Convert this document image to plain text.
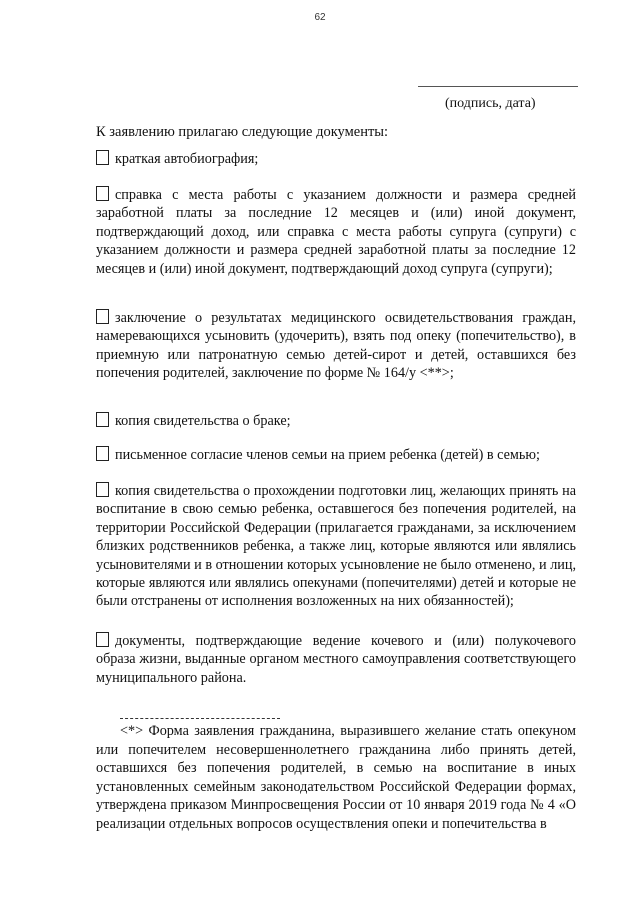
62
(подпись, дата)
К заявлению прилагаю следующие документы:
краткая автобиография;
справка с места работы с указанием должности и размера средней заработной платы за последние 12 месяцев и (или) иной документ, подтверждающий доход, или справка с места работы супруга (супруги) с указанием должности и размера средней заработной платы за последние 12 месяцев и (или) иной документ, подтверждающий доход супруга (супруги);
заключение о результатах медицинского освидетельствования граждан, намеревающихся усыновить (удочерить), взять под опеку (попечительство), в приемную или патронатную семью детей-сирот и детей, оставшихся без попечения родителей, заключение по форме № 164/у <**>;
копия свидетельства о браке;
письменное согласие членов семьи на прием ребенка (детей) в семью;
копия свидетельства о прохождении подготовки лиц, желающих принять на воспитание в свою семью ребенка, оставшегося без попечения родителей, на территории Российской Федерации (прилагается гражданами, за исключением близких родственников ребенка, а также лиц, которые являются или являлись усыновителями и в отношении которых усыновление не было отменено, и лиц, которые являются или являлись опекунами (попечителями) детей и которые не были отстранены от исполнения возложенных на них обязанностей);
документы, подтверждающие ведение кочевого и (или) полукочевого образа жизни, выданные органом местного самоуправления соответствующего муниципального района.
<*> Форма заявления гражданина, выразившего желание стать опекуном или попечителем несовершеннолетнего гражданина либо принять детей, оставшихся без попечения родителей, в семью на воспитание в иных установленных семейным законодательством Российской Федерации формах, утверждена приказом Минпросвещения России от 10 января 2019 года № 4 «О реализации отдельных вопросов осуществления опеки и попечительства в
